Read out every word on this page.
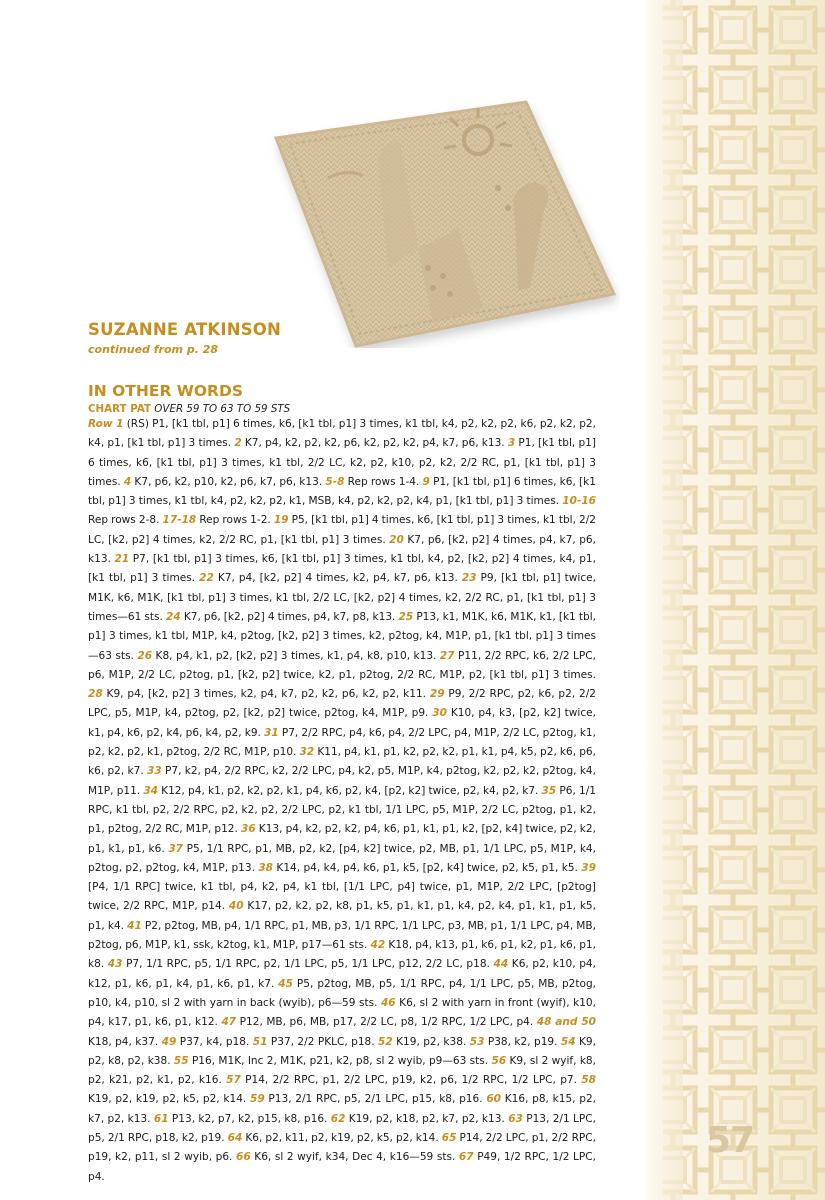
SUZANNE ATKINSON
continued from p. 28
IN OTHER WORDS
CHART PAT OVER 59 TO 63 TO 59 STS
Row 1 (RS) P1, [k1 tbl, p1] 6 times, k6, [k1 tbl, p1] 3 times, k1 tbl, k4, p2, k2, p2, k6, p2, k2, p2, k4, p1, [k1 tbl, p1] 3 times. 2 K7, p4, k2, p2, k2, p6, k2, p2, k2, p4, k7, p6, k13. 3 P1, [k1 tbl, p1] 6 times, k6, [k1 tbl, p1] 3 times, k1 tbl, 2/2 LC, k2, p2, k10, p2, k2, 2/2 RC, p1, [k1 tbl, p1] 3 times. 4 K7, p6, k2, p10, k2, p6, k7, p6, k13. 5-8 Rep rows 1-4. 9 P1, [k1 tbl, p1] 6 times, k6, [k1 tbl, p1] 3 times, k1 tbl, k4, p2, k2, p2, k1, MSB, k4, p2, k2, p2, k4, p1, [k1 tbl, p1] 3 times. 10-16 Rep rows 2-8. 17-18 Rep rows 1-2. 19 P5, [k1 tbl, p1] 4 times, k6, [k1 tbl, p1] 3 times, k1 tbl, 2/2 LC, [k2, p2] 4 times, k2, 2/2 RC, p1, [k1 tbl, p1] 3 times. 20 K7, p6, [k2, p2] 4 times, p4, k7, p6, k13. 21 P7, [k1 tbl, p1] 3 times, k6, [k1 tbl, p1] 3 times, k1 tbl, k4, p2, [k2, p2] 4 times, k4, p1, [k1 tbl, p1] 3 times. 22 K7, p4, [k2, p2] 4 times, k2, p4, k7, p6, k13. 23 P9, [k1 tbl, p1] twice, M1K, k6, M1K, [k1 tbl, p1] 3 times, k1 tbl, 2/2 LC, [k2, p2] 4 times, k2, 2/2 RC, p1, [k1 tbl, p1] 3 times—61 sts. 24 K7, p6, [k2, p2] 4 times, p4, k7, p8, k13. 25 P13, k1, M1K, k6, M1K, k1, [k1 tbl, p1] 3 times, k1 tbl, M1P, k4, p2tog, [k2, p2] 3 times, k2, p2tog, k4, M1P, p1, [k1 tbl, p1] 3 times—63 sts. 26 K8, p4, k1, p2, [k2, p2] 3 times, k1, p4, k8, p10, k13. 27 P11, 2/2 RPC, k6, 2/2 LPC, p6, M1P, 2/2 LC, p2tog, p1, [k2, p2] twice, k2, p1, p2tog, 2/2 RC, M1P, p2, [k1 tbl, p1] 3 times. 28 K9, p4, [k2, p2] 3 times, k2, p4, k7, p2, k2, p6, k2, p2, k11. 29 P9, 2/2 RPC, p2, k6, p2, 2/2 LPC, p5, M1P, k4, p2tog, p2, [k2, p2] twice, p2tog, k4, M1P, p9. 30 K10, p4, k3, [p2, k2] twice, k1, p4, k6, p2, k4, p6, k4, p2, k9. 31 P7, 2/2 RPC, p4, k6, p4, 2/2 LPC, p4, M1P, 2/2 LC, p2tog, k1, p2, k2, p2, k1, p2tog, 2/2 RC, M1P, p10. 32 K11, p4, k1, p1, k2, p2, k2, p1, k1, p4, k5, p2, k6, p6, k6, p2, k7. 33 P7, k2, p4, 2/2 RPC, k2, 2/2 LPC, p4, k2, p5, M1P, k4, p2tog, k2, p2, k2, p2tog, k4, M1P, p11. 34 K12, p4, k1, p2, k2, p2, k1, p4, k6, p2, k4, [p2, k2] twice, p2, k4, p2, k7. 35 P6, 1/1 RPC, k1 tbl, p2, 2/2 RPC, p2, k2, p2, 2/2 LPC, p2, k1 tbl, 1/1 LPC, p5, M1P, 2/2 LC, p2tog, p1, k2, p1, p2tog, 2/2 RC, M1P, p12. 36 K13, p4, k2, p2, k2, p4, k6, p1, k1, p1, k2, [p2, k4] twice, p2, k2, p1, k1, p1, k6. 37 P5, 1/1 RPC, p1, MB, p2, k2, [p4, k2] twice, p2, MB, p1, 1/1 LPC, p5, M1P, k4, p2tog, p2, p2tog, k4, M1P, p13. 38 K14, p4, k4, p4, k6, p1, k5, [p2, k4] twice, p2, k5, p1, k5. 39 [P4, 1/1 RPC] twice, k1 tbl, p4, k2, p4, k1 tbl, [1/1 LPC, p4] twice, p1, M1P, 2/2 LPC, [p2tog] twice, 2/2 RPC, M1P, p14. 40 K17, p2, k2, p2, k8, p1, k5, p1, k1, p1, k4, p2, k4, p1, k1, p1, k5, p1, k4. 41 P2, p2tog, MB, p4, 1/1 RPC, p1, MB, p3, 1/1 RPC, 1/1 LPC, p3, MB, p1, 1/1 LPC, p4, MB, p2tog, p6, M1P, k1, ssk, k2tog, k1, M1P, p17—61 sts. 42 K18, p4, k13, p1, k6, p1, k2, p1, k6, p1, k8. 43 P7, 1/1 RPC, p5, 1/1 RPC, p2, 1/1 LPC, p5, 1/1 LPC, p12, 2/2 LC, p18. 44 K6, p2, k10, p4, k12, p1, k6, p1, k4, p1, k6, p1, k7. 45 P5, p2tog, MB, p5, 1/1 RPC, p4, 1/1 LPC, p5, MB, p2tog, p10, k4, p10, sl 2 with yarn in back (wyib), p6—59 sts. 46 K6, sl 2 with yarn in front (wyif), k10, p4, k17, p1, k6, p1, k12. 47 P12, MB, p6, MB, p17, 2/2 LC, p8, 1/2 RPC, 1/2 LPC, p4. 48 and 50 K18, p4, k37. 49 P37, k4, p18. 51 P37, 2/2 PKLC, p18. 52 K19, p2, k38. 53 P38, k2, p19. 54 K9, p2, k8, p2, k38. 55 P16, M1K, Inc 2, M1K, p21, k2, p8, sl 2 wyib, p9—63 sts. 56 K9, sl 2 wyif, k8, p2, k21, p2, k1, p2, k16. 57 P14, 2/2 RPC, p1, 2/2 LPC, p19, k2, p6, 1/2 RPC, 1/2 LPC, p7. 58 K19, p2, k19, p2, k5, p2, k14. 59 P13, 2/1 RPC, p5, 2/1 LPC, p15, k8, p16. 60 K16, p8, k15, p2, k7, p2, k13. 61 P13, k2, p7, k2, p15, k8, p16. 62 K19, p2, k18, p2, k7, p2, k13. 63 P13, 2/1 LPC, p5, 2/1 RPC, p18, k2, p19. 64 K6, p2, k11, p2, k19, p2, k5, p2, k14. 65 P14, 2/2 LPC, p1, 2/2 RPC, p19, k2, p11, sl 2 wyib, p6. 66 K6, sl 2 wyif, k34, Dec 4, k16—59 sts. 67 P49, 1/2 RPC, 1/2 LPC, p4.
57
